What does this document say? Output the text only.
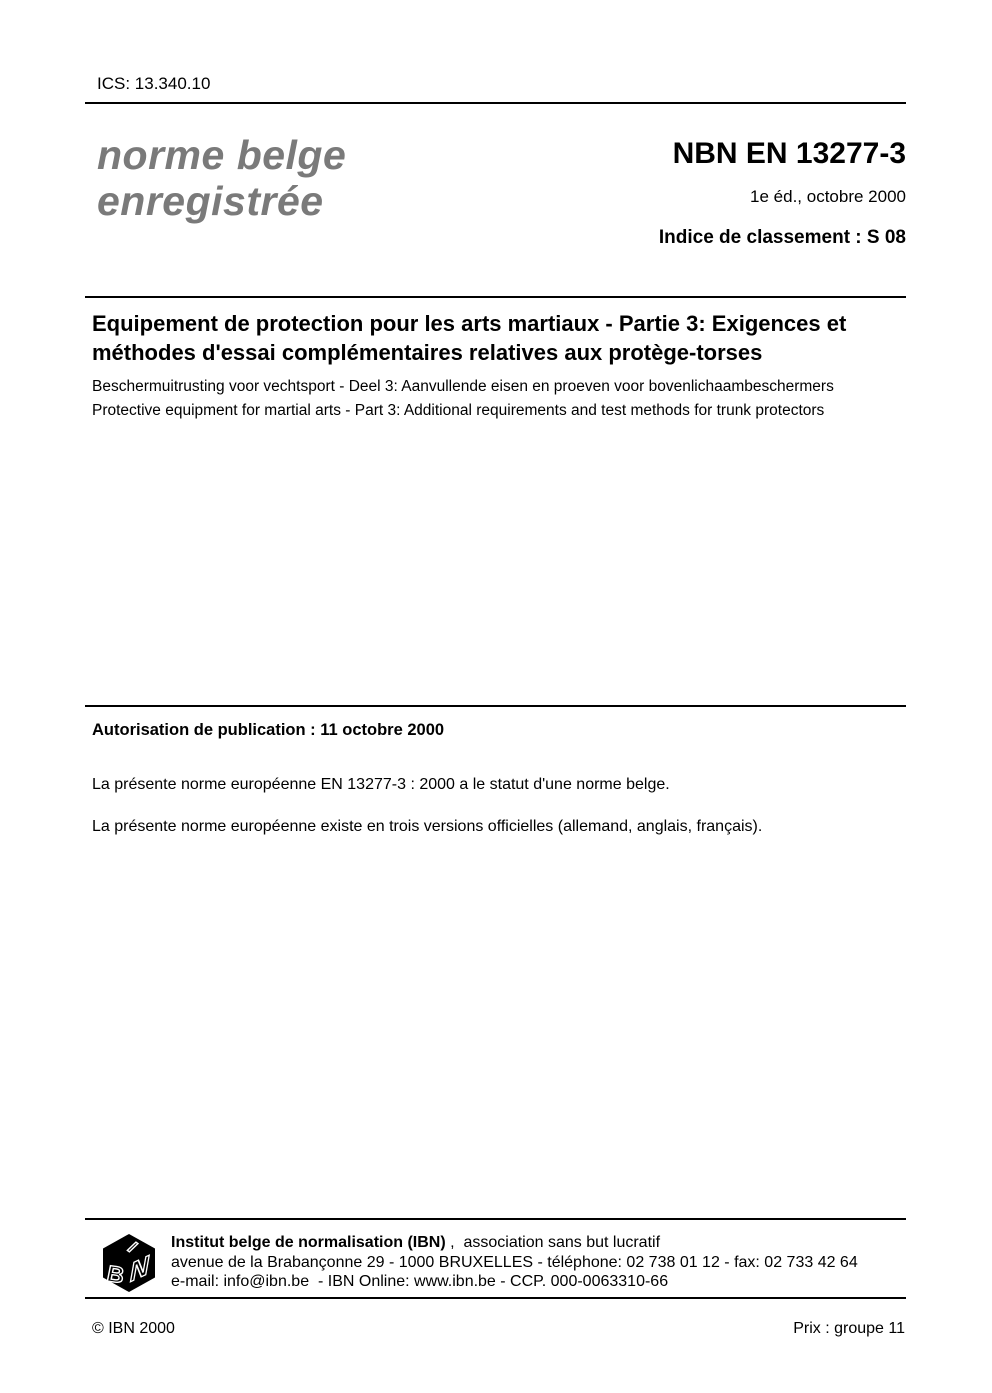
ICS: 13.340.10
norme belge
enregistrée
NBN EN 13277-3
1e éd., octobre 2000
Indice de classement : S 08
Equipement de protection pour les arts martiaux - Partie 3: Exigences et
méthodes d'essai complémentaires relatives aux protège-torses
Beschermuitrusting voor vechtsport - Deel 3: Aanvullende eisen en proeven voor bovenlichaambeschermers
Protective equipment for martial arts - Part 3: Additional requirements and test methods for trunk protectors
Autorisation de publication : 11 octobre 2000
La présente norme européenne EN 13277-3 : 2000 a le statut d'une norme belge.
La présente norme européenne existe en trois versions officielles (allemand, anglais, français).
I
B N
Institut belge de normalisation (IBN) ,  association sans but lucratif
avenue de la Brabançonne 29 - 1000 BRUXELLES - téléphone: 02 738 01 12 - fax: 02 733 42 64
e-mail: info@ibn.be  - IBN Online: www.ibn.be - CCP. 000-0063310-66
© IBN 2000	Prix : groupe 11
